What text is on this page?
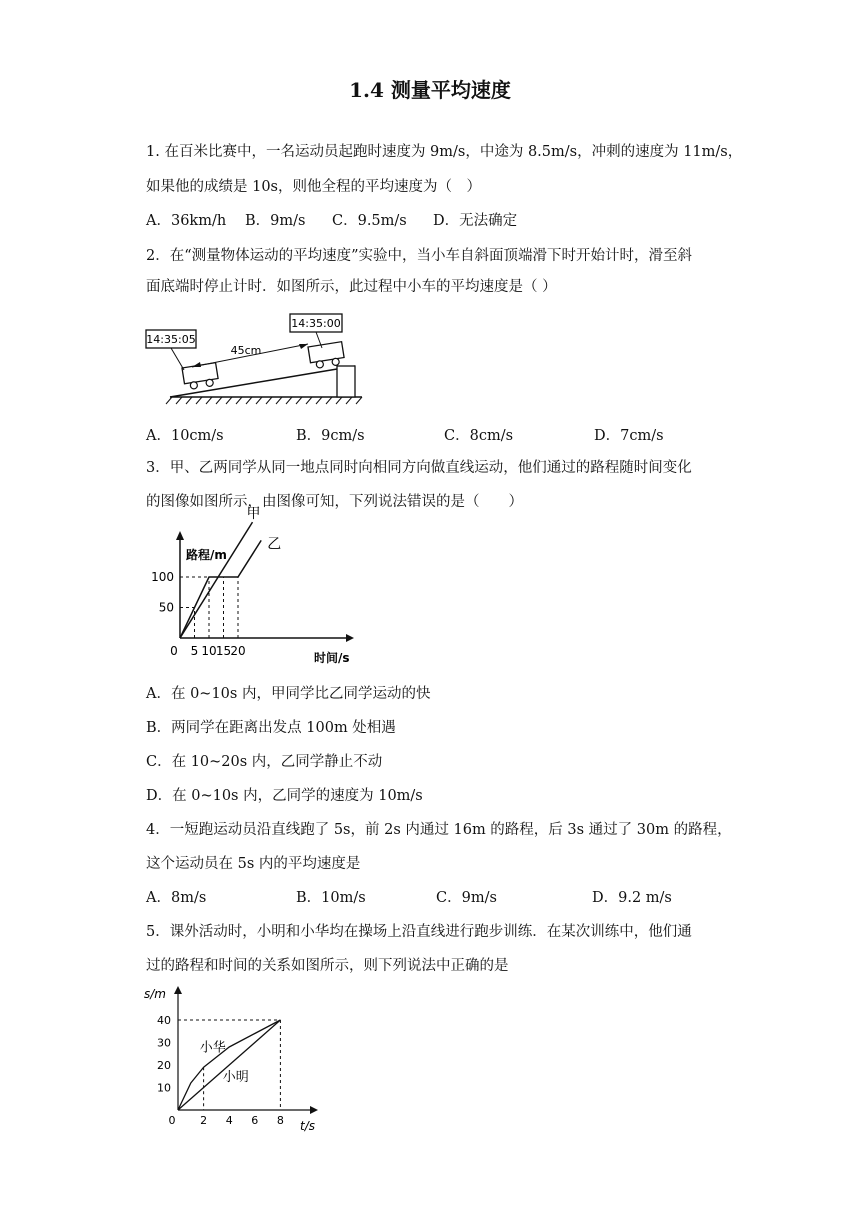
1.4 测量平均速度
1. 在百米比赛中，一名运动员起跑时速度为 9m/s，中途为 8.5m/s，冲刺的速度为 11m/s，
如果他的成绩是 10s，则他全程的平均速度为（　）
A．36km/h B．9m/s C．9.5m/s D．无法确定
2．在“测量物体运动的平均速度”实验中，当小车自斜面顶端滑下时开始计时，滑至斜
面底端时停止计时．如图所示，此过程中小车的平均速度是（ ）
14:35:05
14:35:00
45cm
A．10cm/s	B．9cm/s	C．8cm/s	D．7cm/s
3．甲、乙两同学从同一地点同时向相同方向做直线运动，他们通过的路程随时间变化
的图像如图所示，由图像可知，下列说法错误的是（　　）
路程/m
时间/s
0 5 10 15 20
50
100
甲
乙
A．在 0~10s 内，甲同学比乙同学运动的快
B．两同学在距离出发点 100m 处相遇
C．在 10~20s 内，乙同学静止不动
D．在 0~10s 内，乙同学的速度为 10m/s
4．一短跑运动员沿直线跑了 5s，前 2s 内通过 16m 的路程，后 3s 通过了 30m 的路程，
这个运动员在 5s 内的平均速度是
A．8m/s	B．10m/s	C．9m/s	D．9.2 m/s
5．课外活动时，小明和小华均在操场上沿直线进行跑步训练．在某次训练中，他们通
过的路程和时间的关系如图所示，则下列说法中正确的是
s/m
t/s
0 2 4 6 8
10
20
30
40
小华
小明
